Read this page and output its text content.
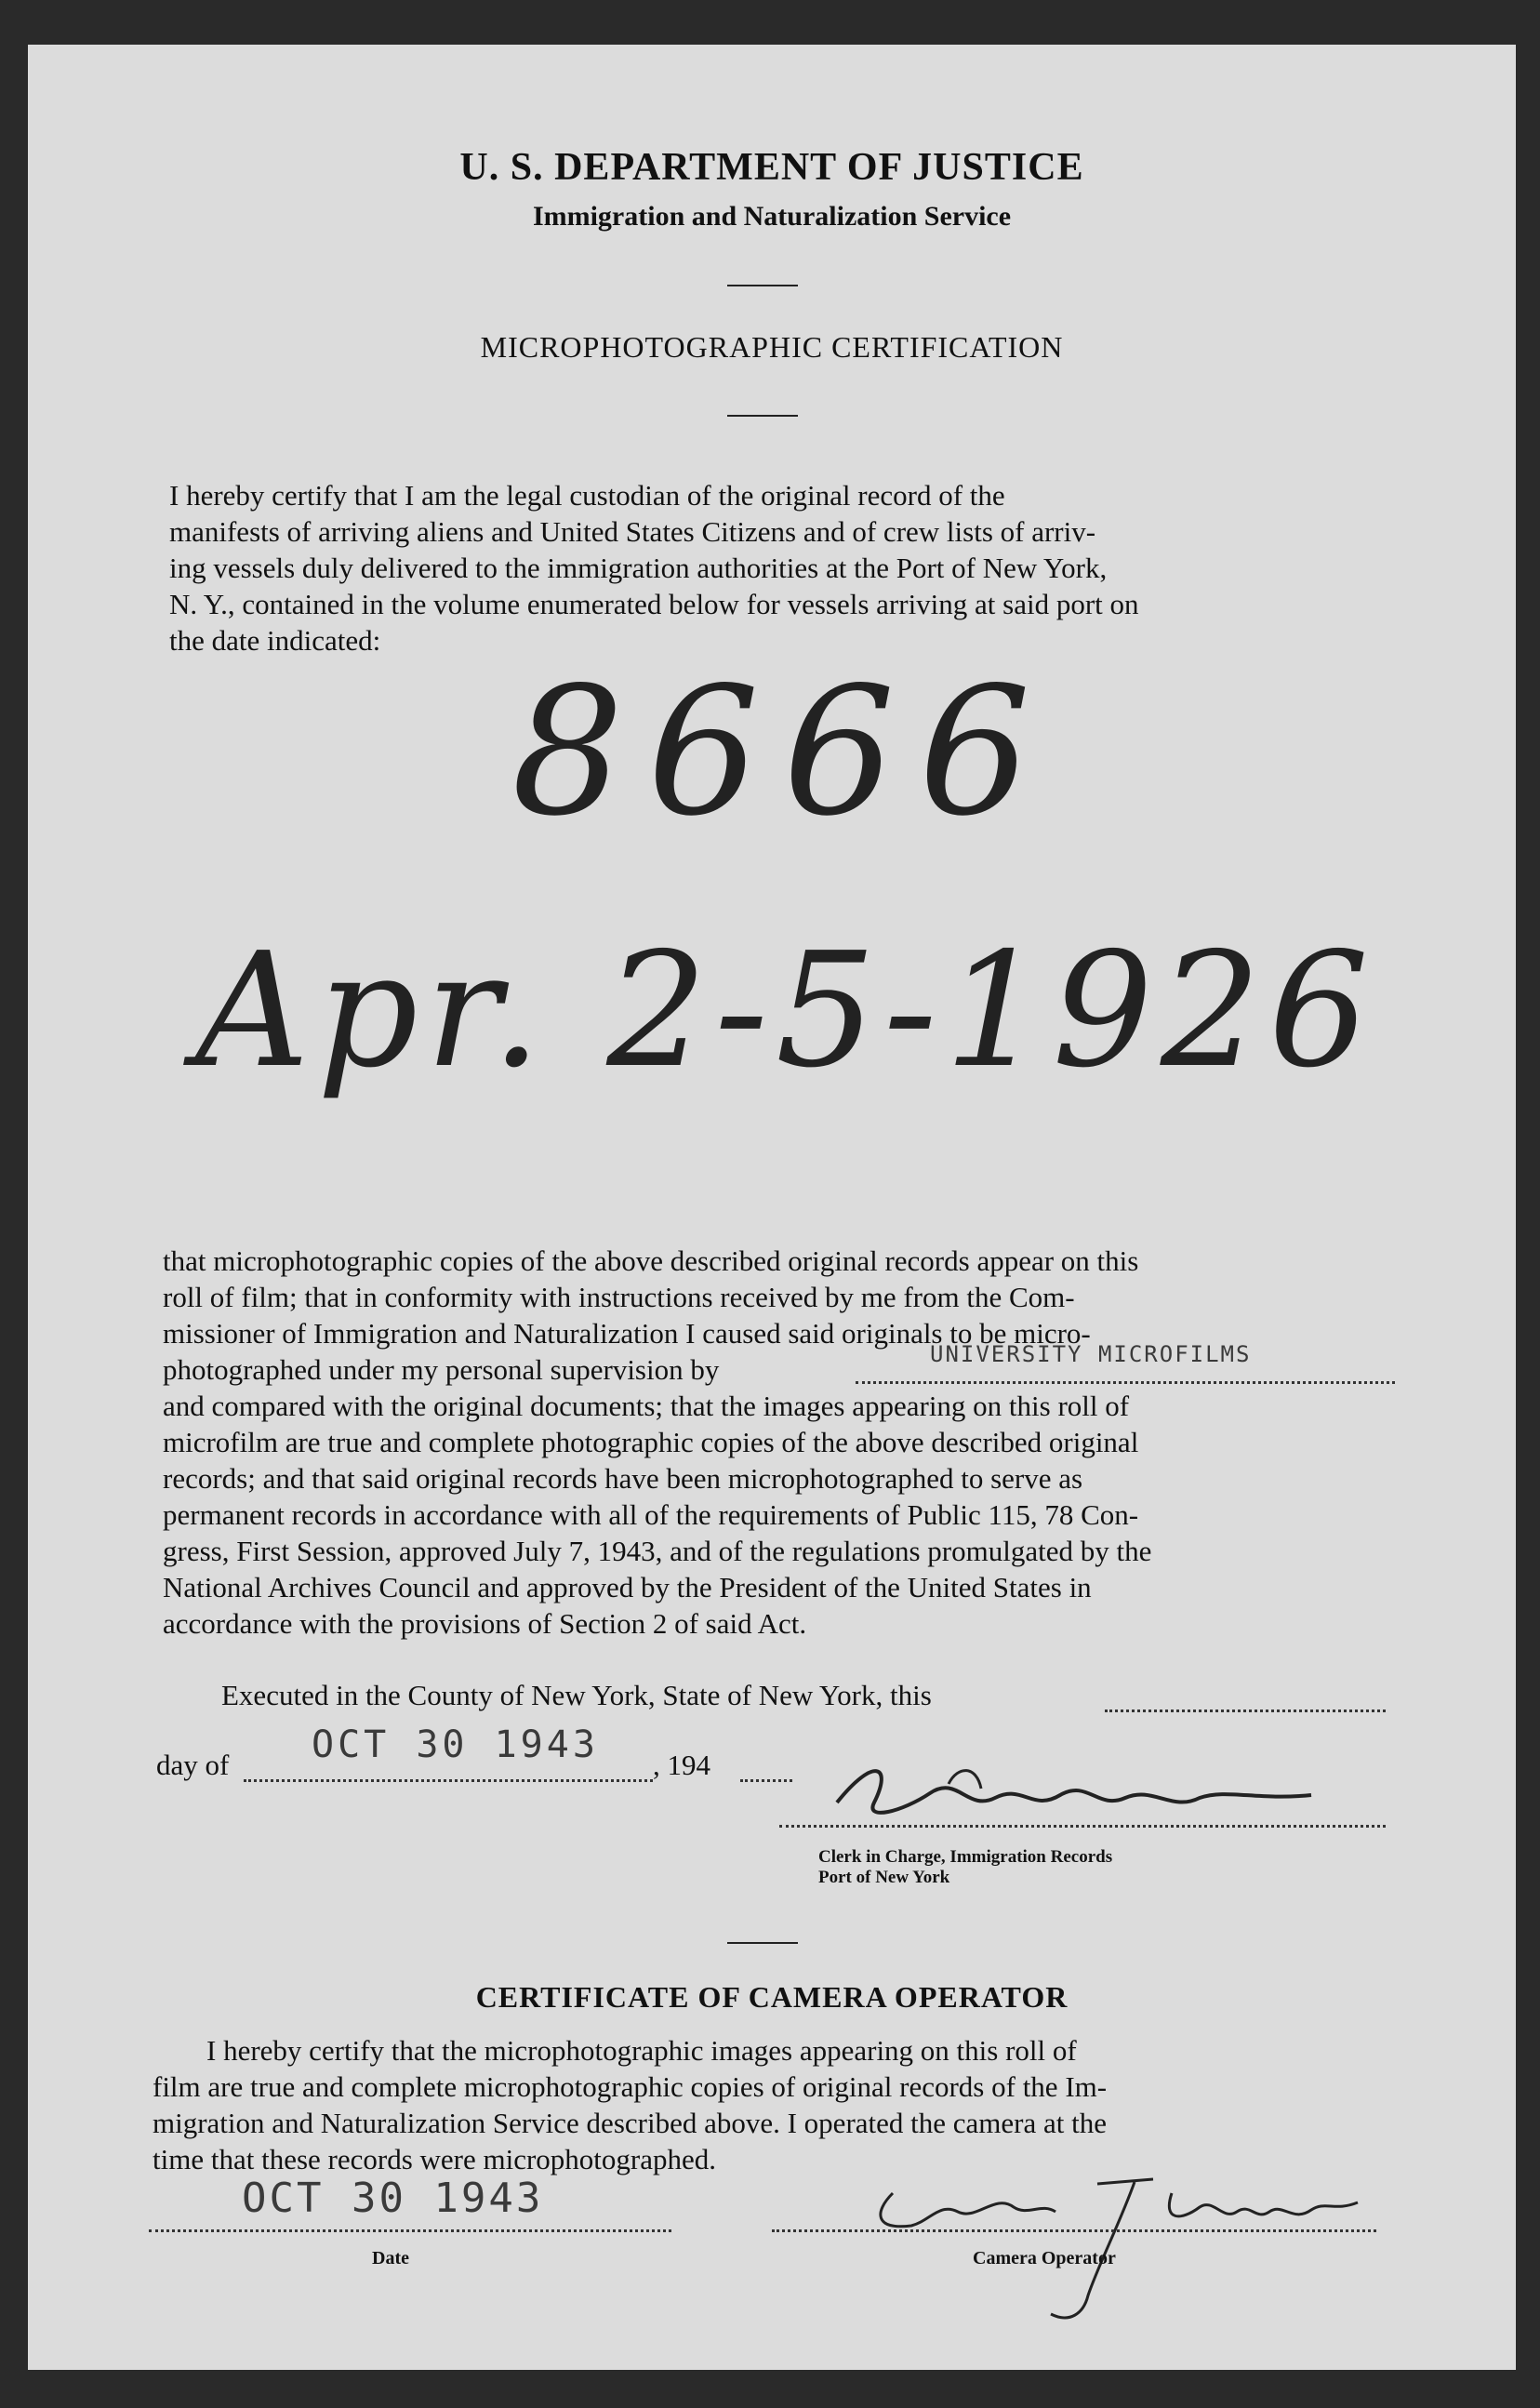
U. S. DEPARTMENT OF JUSTICE
Immigration and Naturalization Service
MICROPHOTOGRAPHIC CERTIFICATION
I hereby certify that I am the legal custodian of the original record of the
manifests of arriving aliens and United States Citizens and of crew lists of arriv-
ing vessels duly delivered to the immigration authorities at the Port of New York,
N. Y., contained in the volume enumerated below for vessels arriving at said port on
the date indicated:
8666
Apr. 2-5-1926
that microphotographic copies of the above described original records appear on this
roll of film; that in conformity with instructions received by me from the Com-
missioner of Immigration and Naturalization I caused said originals to be micro-
photographed under my personal supervision by	UNIVERSITY MICROFILMS
and compared with the original documents; that the images appearing on this roll of
microfilm are true and complete photographic copies of the above described original
records; and that said original records have been microphotographed to serve as
permanent records in accordance with all of the requirements of Public 115, 78 Con-
gress, First Session, approved July 7, 1943, and of the regulations promulgated by the
National Archives Council and approved by the President of the United States in
accordance with the provisions of Section 2 of said Act.
Executed in the County of New York, State of New York, this
day of OCT 30 1943 , 194
Clerk in Charge, Immigration Records
Port of New York
CERTIFICATE OF CAMERA OPERATOR
I hereby certify that the microphotographic images appearing on this roll of
film are true and complete microphotographic copies of original records of the Im-
migration and Naturalization Service described above. I operated the camera at the
time that these records were microphotographed.
OCT 30 1943
Date	Camera Operator
